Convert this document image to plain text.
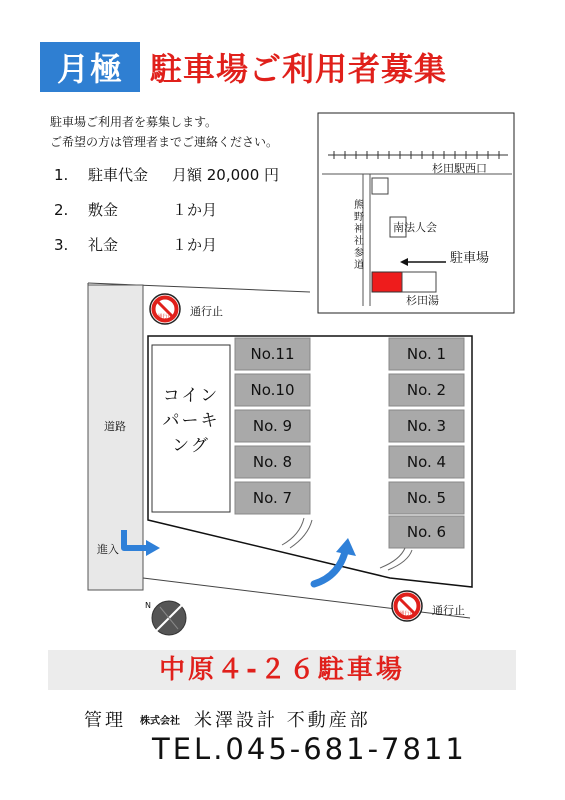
月極 駐車場ご利用者募集
駐車場ご利用者を募集します。
ご希望の方は管理者までご連絡ください。
1.	駐車代金	月額 20,000 円
2.	敷金	１か月
3.	礼金	１か月
杉田駅西口
熊
野
神
社
参
道
南法人会
駐車場
杉田湯
通行止	通行止
通行止	通行止
道路
進入
N
コイン
パーキ
ング
No.11
No.10
No. 9
No. 8
No. 7
No. 1
No. 2
No. 3
No. 4
No. 5
No. 6
中原４-２６駐車場
管理 株式会社 米澤設計 不動産部
TEL.045-681-7811
